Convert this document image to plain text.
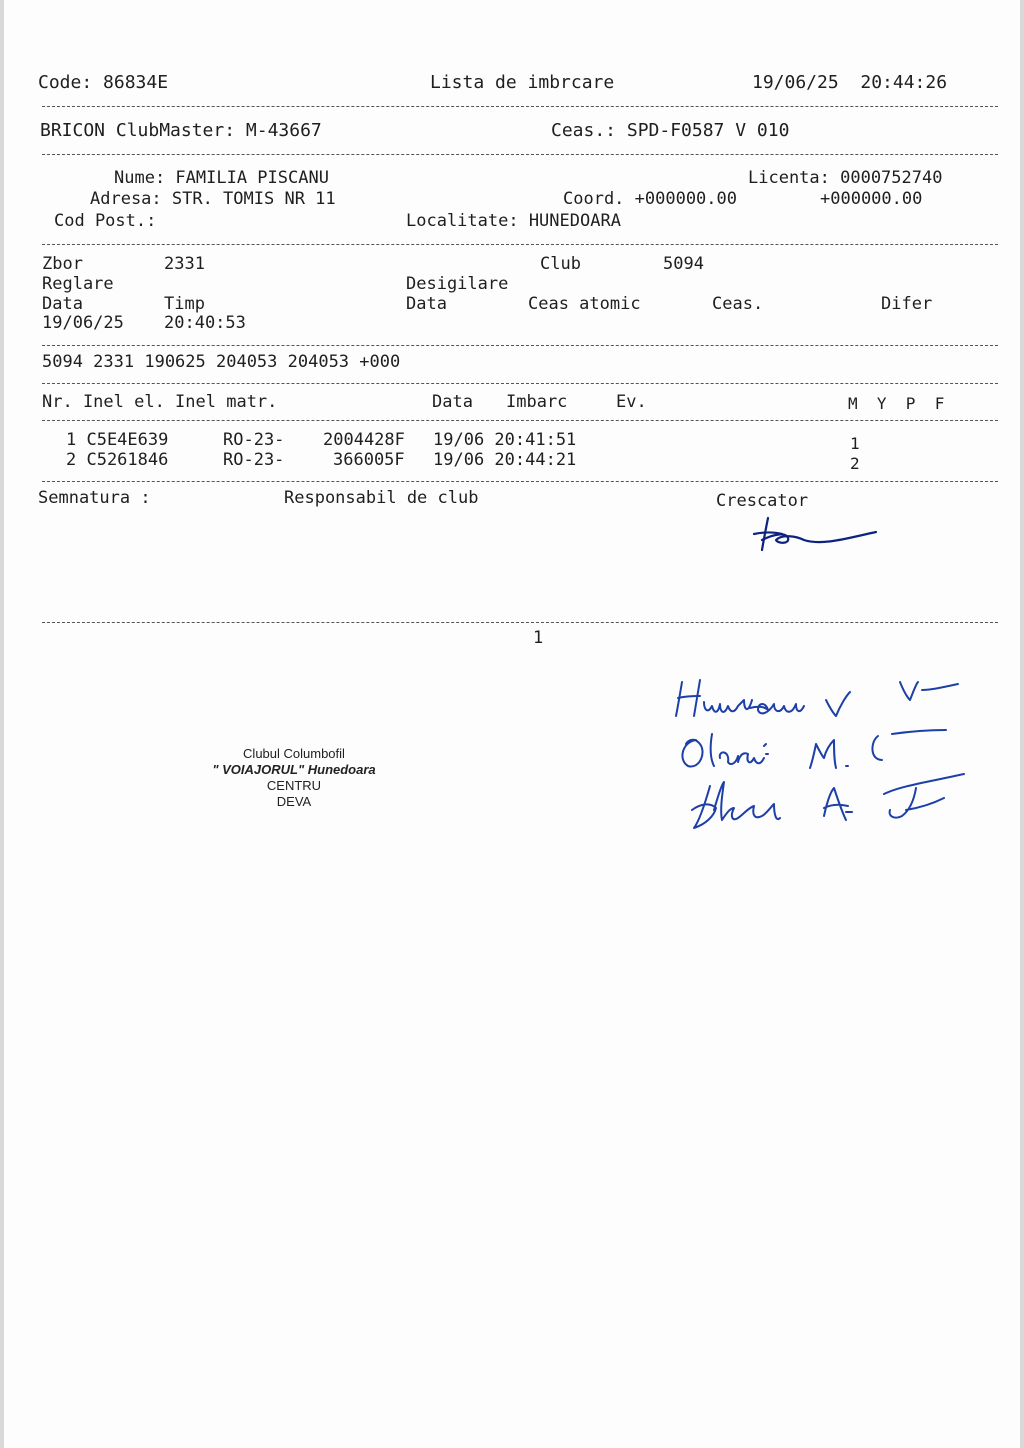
Code: 86834E	Lista de imbrcare	19/06/25  20:44:26
BRICON ClubMaster: M-43667	Ceas.: SPD-F0587 V 010
Nume: FAMILIA PISCANU	Licenta: 0000752740
Adresa: STR. TOMIS NR 11	Coord. +000000.00	+000000.00
Cod Post.:	Localitate: HUNEDOARA
Zbor	2331	Club	5094
Reglare	Desigilare
Data	Timp	Data	Ceas atomic	Ceas.	Difer
19/06/25 20:40:53
5094 2331 190625 204053 204053 +000
Nr. Inel el. Inel matr.	Data Imbarc	Ev.	M  Y  P  F
1 C5E4E639	RO-23- 2004428F 19/06 20:41:51	1
2 C5261846	RO-23-	366005F 19/06 20:44:21	2
Semnatura :	Responsabil de club	Crescator
1
Clubul Columbofil
" VOIAJORUL" Hunedoara
CENTRU
DEVA
